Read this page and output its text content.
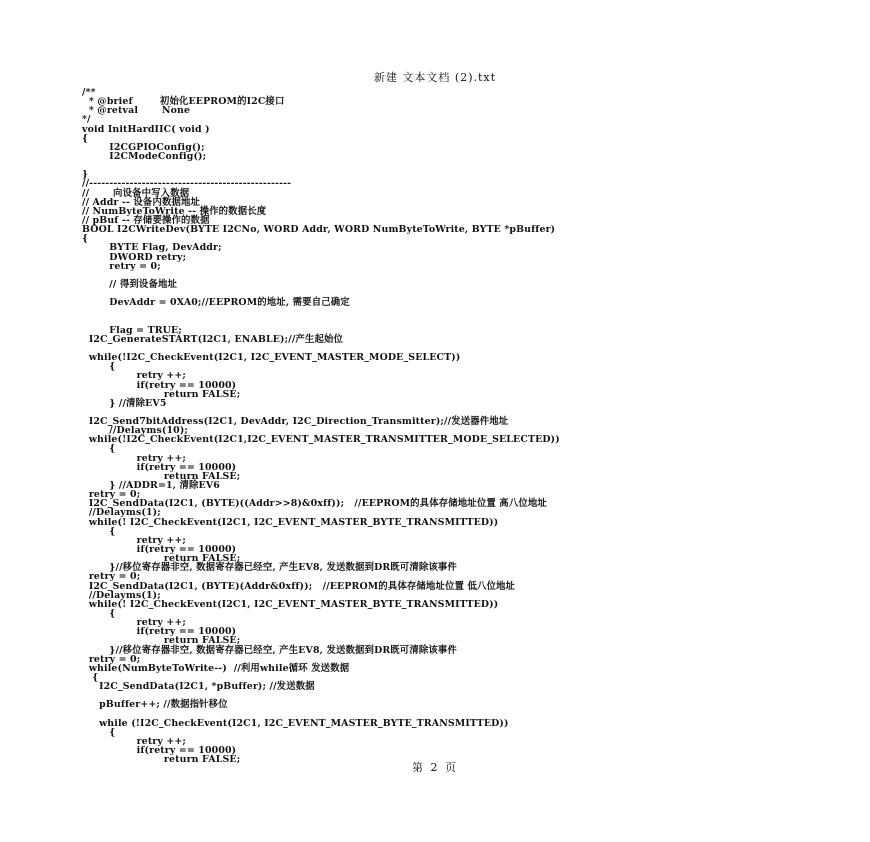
新建 文本文档 (2).txt
/**
* @brief        初始化EEPROM的I2C接口
* @retval       None
*/
void InitHardIIC( void )
{
I2CGPIOConfig();
I2CModeConfig();
}
//--------------------------------------------------
//       向设备中写入数据
// Addr -- 设备内数据地址
// NumByteToWrite -- 操作的数据长度
// pBuf -- 存储要操作的数据
BOOL I2CWriteDev(BYTE I2CNo, WORD Addr, WORD NumByteToWrite, BYTE *pBuffer)
{
BYTE Flag, DevAddr;
DWORD retry;
retry = 0;
// 得到设备地址
DevAddr = 0XA0;//EEPROM的地址, 需要自己确定
Flag = TRUE;
I2C_GenerateSTART(I2C1, ENABLE);//产生起始位
while(!I2C_CheckEvent(I2C1, I2C_EVENT_MASTER_MODE_SELECT))
{
retry ++;
if(retry == 10000)
return FALSE;
} //清除EV5
I2C_Send7bitAddress(I2C1, DevAddr, I2C_Direction_Transmitter);//发送器件地址
//Delayms(10);
while(!I2C_CheckEvent(I2C1,I2C_EVENT_MASTER_TRANSMITTER_MODE_SELECTED))
{
retry ++;
if(retry == 10000)
return FALSE;
} //ADDR=1, 清除EV6
retry = 0;
I2C_SendData(I2C1, (BYTE)((Addr>>8)&0xff));   //EEPROM的具体存储地址位置 高八位地址
//Delayms(1);
while(! I2C_CheckEvent(I2C1, I2C_EVENT_MASTER_BYTE_TRANSMITTED))
{
retry ++;
if(retry == 10000)
return FALSE;
}//移位寄存器非空, 数据寄存器已经空, 产生EV8, 发送数据到DR既可清除该事件
retry = 0;
I2C_SendData(I2C1, (BYTE)(Addr&0xff));   //EEPROM的具体存储地址位置 低八位地址
//Delayms(1);
while(! I2C_CheckEvent(I2C1, I2C_EVENT_MASTER_BYTE_TRANSMITTED))
{
retry ++;
if(retry == 10000)
return FALSE;
}//移位寄存器非空, 数据寄存器已经空, 产生EV8, 发送数据到DR既可清除该事件
retry = 0;
while(NumByteToWrite--)  //利用while循环 发送数据
{
I2C_SendData(I2C1, *pBuffer); //发送数据
pBuffer++; //数据指针移位
while (!I2C_CheckEvent(I2C1, I2C_EVENT_MASTER_BYTE_TRANSMITTED))
{
retry ++;
if(retry == 10000)
return FALSE;
第 2 页
